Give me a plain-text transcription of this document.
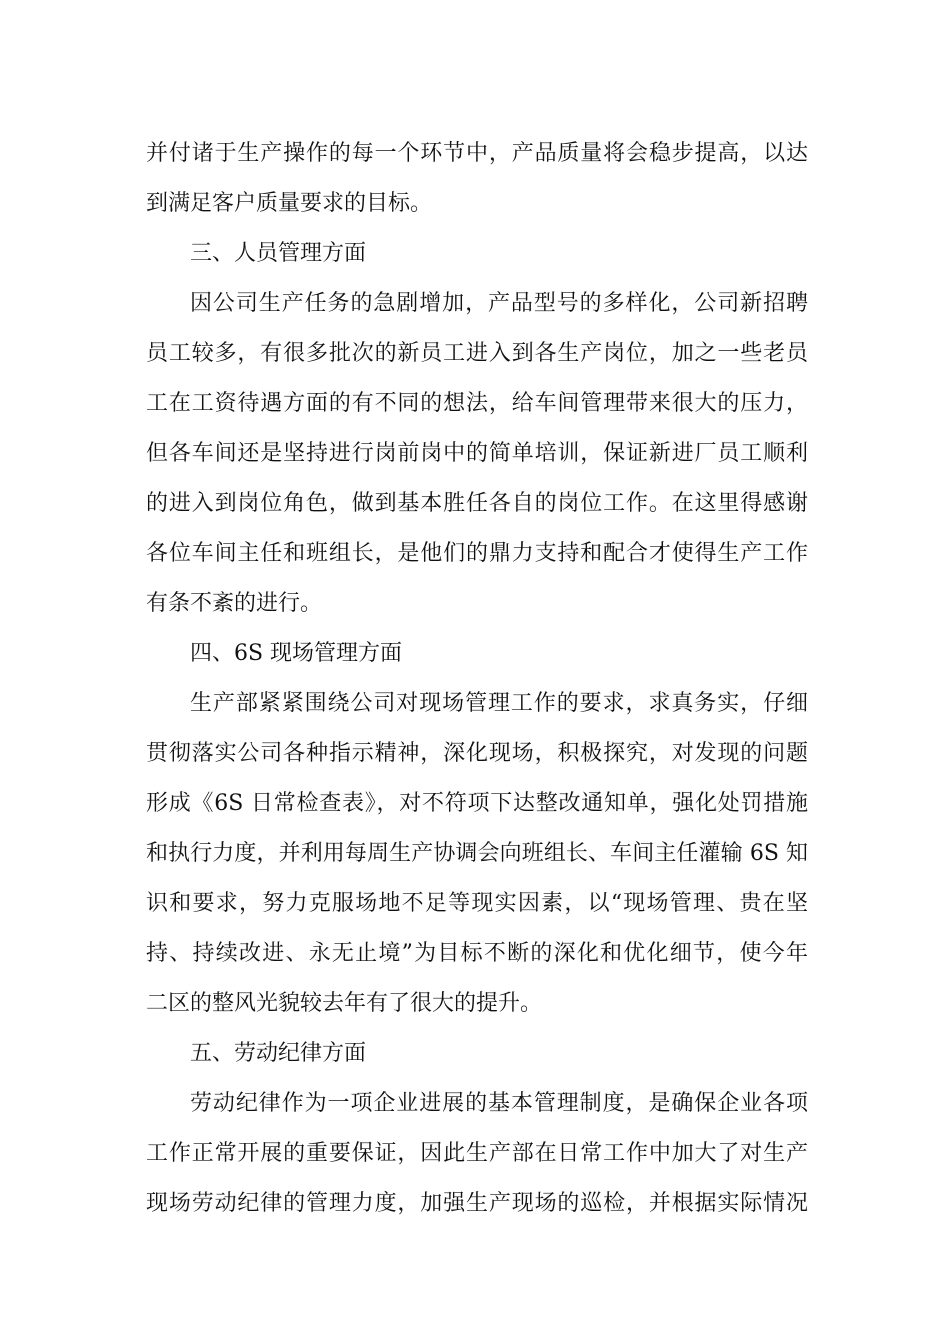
并付诸于生产操作的每一个环节中，产品质量将会稳步提高，以达
到满足客户质量要求的目标。
三、人员管理方面
因公司生产任务的急剧增加，产品型号的多样化，公司新招聘
员工较多，有很多批次的新员工进入到各生产岗位，加之一些老员
工在工资待遇方面的有不同的想法，给车间管理带来很大的压力，
但各车间还是坚持进行岗前岗中的简单培训，保证新进厂员工顺利
的进入到岗位角色，做到基本胜任各自的岗位工作。在这里得感谢
各位车间主任和班组长，是他们的鼎力支持和配合才使得生产工作
有条不紊的进行。
四、6S 现场管理方面
生产部紧紧围绕公司对现场管理工作的要求，求真务实，仔细
贯彻落实公司各种指示精神，深化现场，积极探究，对发现的问题
形成《6S 日常检查表》，对不符项下达整改通知单，强化处罚措施
和执行力度，并利用每周生产协调会向班组长、车间主任灌输 6S 知
识和要求，努力克服场地不足等现实因素，以“现场管理、贵在坚
持、持续改进、永无止境”为目标不断的深化和优化细节，使今年
二区的整风光貌较去年有了很大的提升。
五、劳动纪律方面
劳动纪律作为一项企业进展的基本管理制度，是确保企业各项
工作正常开展的重要保证，因此生产部在日常工作中加大了对生产
现场劳动纪律的管理力度，加强生产现场的巡检，并根据实际情况
